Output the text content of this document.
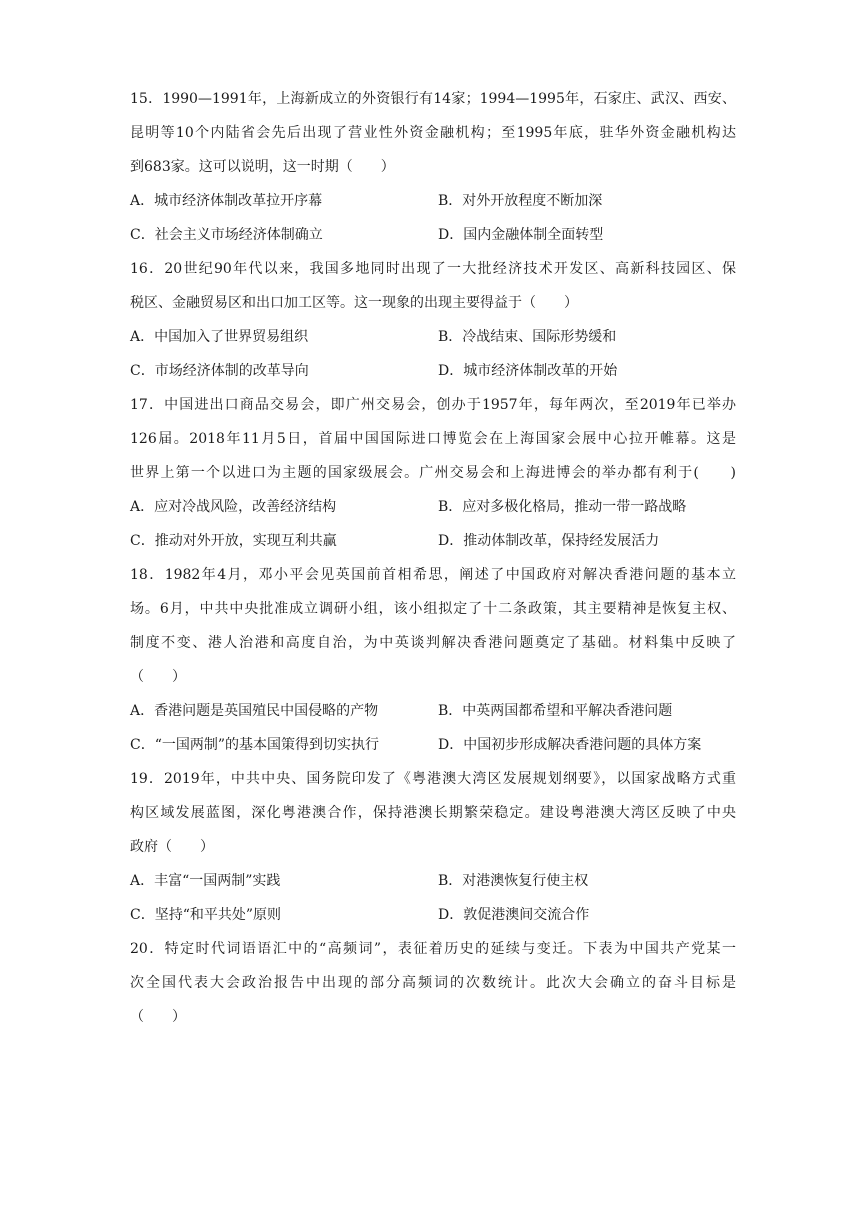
15．1990—1991年，上海新成立的外资银行有14家；1994—1995年，石家庄、武汉、西安、
昆明等10个内陆省会先后出现了营业性外资金融机构；至1995年底，驻华外资金融机构达
到683家。这可以说明，这一时期（　　）
A．城市经济体制改革拉开序幕	B．对外开放程度不断加深
C．社会主义市场经济体制确立	D．国内金融体制全面转型
16．20世纪90年代以来，我国多地同时出现了一大批经济技术开发区、高新科技园区、保
税区、金融贸易区和出口加工区等。这一现象的出现主要得益于（　　）
A．中国加入了世界贸易组织	B．冷战结束、国际形势缓和
C．市场经济体制的改革导向	D．城市经济体制改革的开始
17．中国进出口商品交易会，即广州交易会，创办于1957年，每年两次，至2019年已举办
126届。2018年11月5日，首届中国国际进口博览会在上海国家会展中心拉开帷幕。这是
世界上第一个以进口为主题的国家级展会。广州交易会和上海进博会的举办都有利于(　　)
A．应对冷战风险，改善经济结构	B．应对多极化格局，推动一带一路战略
C．推动对外开放，实现互利共赢	D．推动体制改革，保持经发展活力
18．1982年4月，邓小平会见英国前首相希思，阐述了中国政府对解决香港问题的基本立
场。6月，中共中央批准成立调研小组，该小组拟定了十二条政策，其主要精神是恢复主权、
制度不变、港人治港和高度自治，为中英谈判解决香港问题奠定了基础。材料集中反映了
（　　）
A．香港问题是英国殖民中国侵略的产物	B．中英两国都希望和平解决香港问题
C．“一国两制”的基本国策得到切实执行	D．中国初步形成解决香港问题的具体方案
19．2019年，中共中央、国务院印发了《粤港澳大湾区发展规划纲要》，以国家战略方式重
构区域发展蓝图，深化粤港澳合作，保持港澳长期繁荣稳定。建设粤港澳大湾区反映了中央
政府（　　）
A．丰富“一国两制”实践	B．对港澳恢复行使主权
C．坚持“和平共处”原则	D．敦促港澳间交流合作
20．特定时代词语语汇中的“高频词”，表征着历史的延续与变迁。下表为中国共产党某一
次全国代表大会政治报告中出现的部分高频词的次数统计。此次大会确立的奋斗目标是
（　　）
